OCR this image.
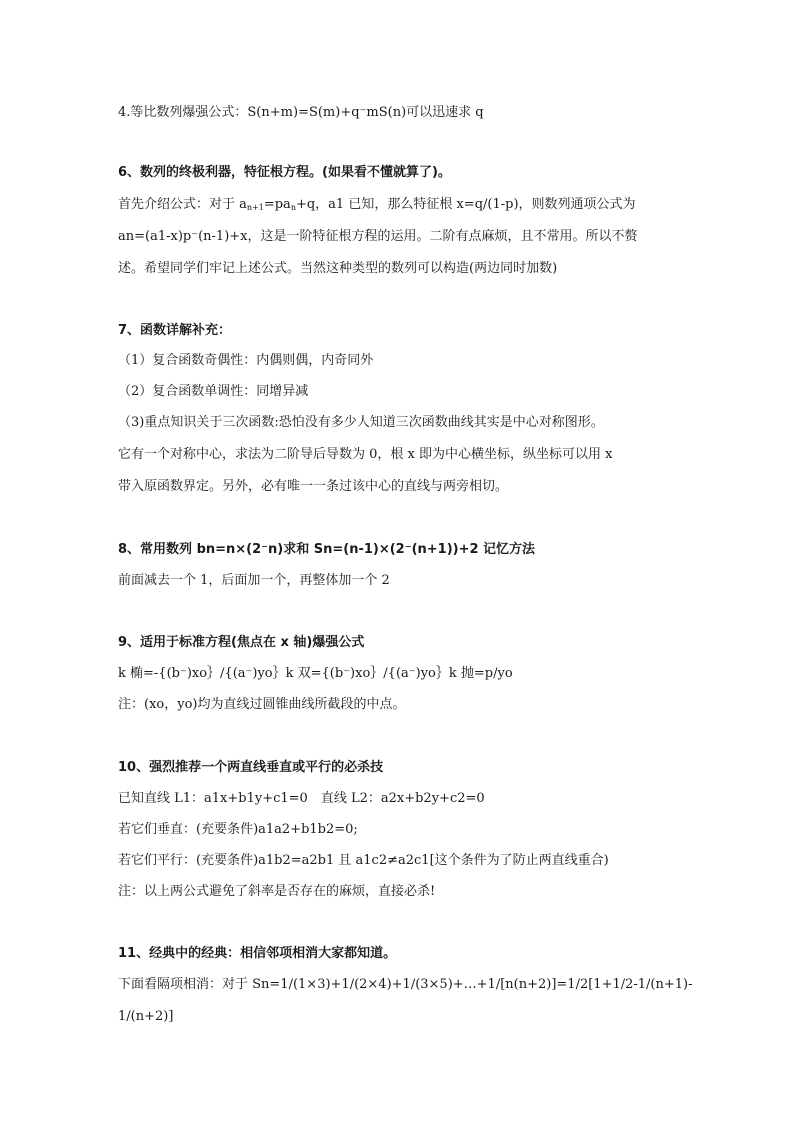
4.等比数列爆强公式：S(n+m)=S(m)+q⁻mS(n)可以迅速求 q
6、数列的终极利器，特征根方程。(如果看不懂就算了)。
首先介绍公式：对于 $a_{n+1}=pa_n+q$，a1 已知，那么特征根 x=q/(1-p)，则数列通项公式为
an=(a1-x)p⁻(n-1)+x，这是一阶特征根方程的运用。二阶有点麻烦，且不常用。所以不赘
述。希望同学们牢记上述公式。当然这种类型的数列可以构造(两边同时加数)
7、函数详解补充：
（1）复合函数奇偶性：内偶则偶，内奇同外
（2）复合函数单调性：同增异减
（3)重点知识关于三次函数:恐怕没有多少人知道三次函数曲线其实是中心对称图形。
它有一个对称中心，求法为二阶导后导数为 0，根 x 即为中心横坐标，纵坐标可以用 x
带入原函数界定。另外，必有唯一一条过该中心的直线与两旁相切。
8、常用数列 bn=n×(2⁻n)求和 Sn=(n-1)×(2⁻(n+1))+2 记忆方法
前面减去一个 1，后面加一个，再整体加一个 2
9、适用于标准方程(焦点在 x 轴)爆强公式
k 椭=-{(b⁻)xo｝/{(a⁻)yo｝k 双={(b⁻)xo｝/{(a⁻)yo｝k 抛=p/yo
注：(xo，yo)均为直线过圆锥曲线所截段的中点。
10、强烈推荐一个两直线垂直或平行的必杀技
已知直线 L1：a1x+b1y+c1=0　直线 L2：a2x+b2y+c2=0
若它们垂直：(充要条件)a1a2+b1b2=0;
若它们平行：(充要条件)a1b2=a2b1 且 a1c2≠a2c1[这个条件为了防止两直线重合)
注：以上两公式避免了斜率是否存在的麻烦，直接必杀!
11、经典中的经典：相信邻项相消大家都知道。
下面看隔项相消：对于 Sn=1/(1×3)+1/(2×4)+1/(3×5)+…+1/[n(n+2)]=1/2[1+1/2-1/(n+1)-
1/(n+2)]
